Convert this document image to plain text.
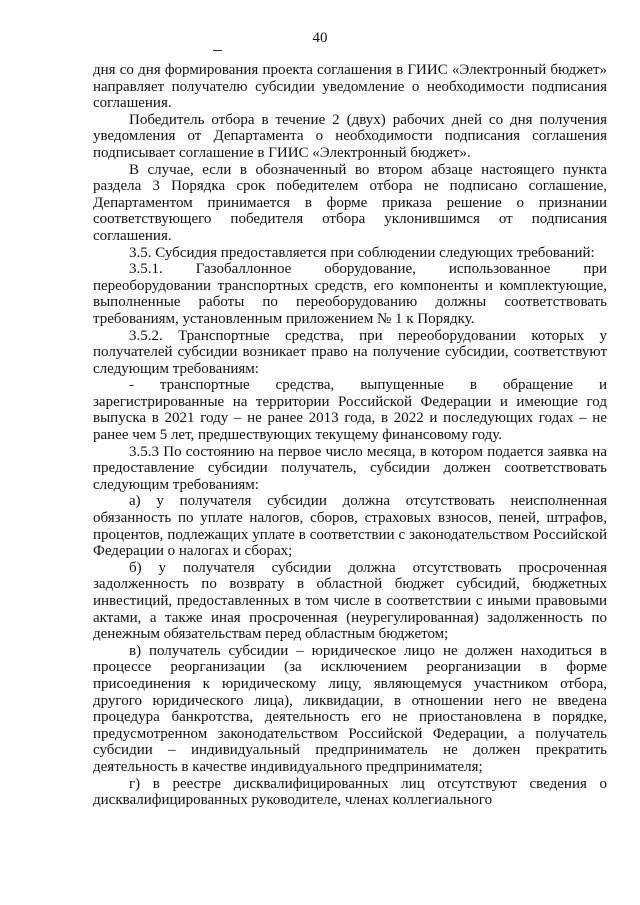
40

дня со дня формирования проекта соглашения в ГИИС «Электронный бюджет» направляет получателю субсидии уведомление о необходимости подписания соглашения.

Победитель отбора в течение 2 (двух) рабочих дней со дня получения уведомления от Департамента о необходимости подписания соглашения подписывает соглашение в ГИИС «Электронный бюджет».

В случае, если в обозначенный во втором абзаце настоящего пункта раздела 3 Порядка срок победителем отбора не подписано соглашение, Департаментом принимается в форме приказа решение о признании соответствующего победителя отбора уклонившимся от подписания соглашения.

3.5. Субсидия предоставляется при соблюдении следующих требований:

3.5.1. Газобаллонное оборудование, использованное при переоборудовании транспортных средств, его компоненты и комплектующие, выполненные работы по переоборудованию должны соответствовать требованиям, установленным приложением № 1 к Порядку.

3.5.2. Транспортные средства, при переоборудовании которых у получателей субсидии возникает право на получение субсидии, соответствуют следующим требованиям:

- транспортные средства, выпущенные в обращение и зарегистрированные на территории Российской Федерации и имеющие год выпуска в 2021 году – не ранее 2013 года, в 2022 и последующих годах – не ранее чем 5 лет, предшествующих текущему финансовому году.

3.5.3 По состоянию на первое число месяца, в котором подается заявка на предоставление субсидии получатель, субсидии должен соответствовать следующим требованиям:

а) у получателя субсидии должна отсутствовать неисполненная обязанность по уплате налогов, сборов, страховых взносов, пеней, штрафов, процентов, подлежащих уплате в соответствии с законодательством Российской Федерации о налогах и сборах;

б) у получателя субсидии должна отсутствовать просроченная задолженность по возврату в областной бюджет субсидий, бюджетных инвестиций, предоставленных в том числе в соответствии с иными правовыми актами, а также иная просроченная (неурегулированная) задолженность по денежным обязательствам перед областным бюджетом;

в) получатель субсидии – юридическое лицо не должен находиться в процессе реорганизации (за исключением реорганизации в форме присоединения к юридическому лицу, являющемуся участником отбора, другого юридического лица), ликвидации, в отношении него не введена процедура банкротства, деятельность его не приостановлена в порядке, предусмотренном законодательством Российской Федерации, а получатель субсидии – индивидуальный предприниматель не должен прекратить деятельность в качестве индивидуального предпринимателя;

г) в реестре дисквалифицированных лиц отсутствуют сведения о дисквалифицированных руководителе, членах коллегиального
